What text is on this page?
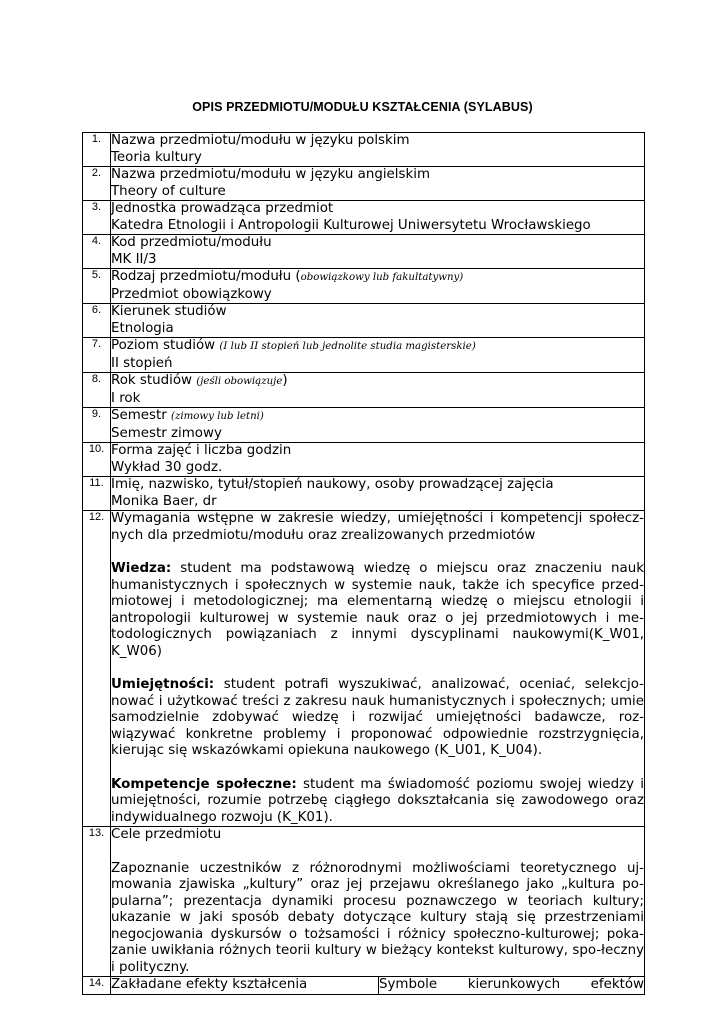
OPIS PRZEDMIOTU/MODUŁU KSZTAŁCENIA (SYLABUS)
1.	Nazwa przedmiotu/modułu w języku polskim
Teoria kultury	

2.	Nazwa przedmiotu/modułu w języku angielskim
Theory of culture	

3.	Jednostka prowadząca przedmiot
Katedra Etnologii i Antropologii Kulturowej Uniwersytetu Wrocławskiego	

4.	Kod przedmiotu/modułu
MK II/3	

5.	Rodzaj przedmiotu/modułu (obowiązkowy lub fakultatywny)
Przedmiot obowiązkowy	

6.	Kierunek studiów
Etnologia	

7.	Poziom studiów (I lub II stopień lub jednolite studia magisterskie)
II stopień	

8.	Rok studiów (jeśli obowiązuje)
I rok	

9.	Semestr (zimowy lub letni)
Semestr zimowy	

10.	Forma zajęć i liczba godzin
Wykład 30 godz.	

11.	Imię, nazwisko, tytuł/stopień naukowy, osoby prowadzącej zajęcia
Monika Baer, dr	

12.	Wymagania wstępne w zakresie wiedzy, umiejętności i kompetencji społecz-nych dla przedmiotu/modułu oraz zrealizowanych przedmiotów

Wiedza: student ma podstawową wiedzę o miejscu oraz znaczeniu nauk humanistycznych i społecznych w systemie nauk, także ich specyfice przed-miotowej i metodologicznej; ma elementarną wiedzę o miejscu etnologii i antropologii kulturowej w systemie nauk oraz o jej przedmiotowych i me-todologicznych powiązaniach z innymi dyscyplinami naukowymi(K_W01, K_W06)

Umiejętności: student potrafi wyszukiwać, analizować, oceniać, selekcjo-nować i użytkować treści z zakresu nauk humanistycznych i społecznych; umie samodzielnie zdobywać wiedzę i rozwijać umiejętności badawcze, roz-wiązywać konkretne problemy i proponować odpowiednie rozstrzygnięcia, kierując się wskazówkami opiekuna naukowego (K_U01, K_U04).

Kompetencje społeczne: student ma świadomość poziomu swojej wiedzy i umiejętności, rozumie potrzebę ciągłego dokształcania się zawodowego oraz indywidualnego rozwoju (K_K01).	

13.	Cele przedmiotu

Zapoznanie uczestników z różnorodnymi możliwościami teoretycznego uj-mowania zjawiska „kultury” oraz jej przejawu określanego jako „kultura po-pularna”; prezentacja dynamiki procesu poznawczego w teoriach kultury; ukazanie w jaki sposób debaty dotyczące kultury stają się przestrzeniami negocjowania dyskursów o tożsamości i różnicy społeczno-kulturowej; poka-zanie uwikłania różnych teorii kultury w bieżący kontekst kulturowy, spo-łeczny i polityczny.	

14.	Zakładane efekty kształcenia	Symbole kierunkowych efektów
